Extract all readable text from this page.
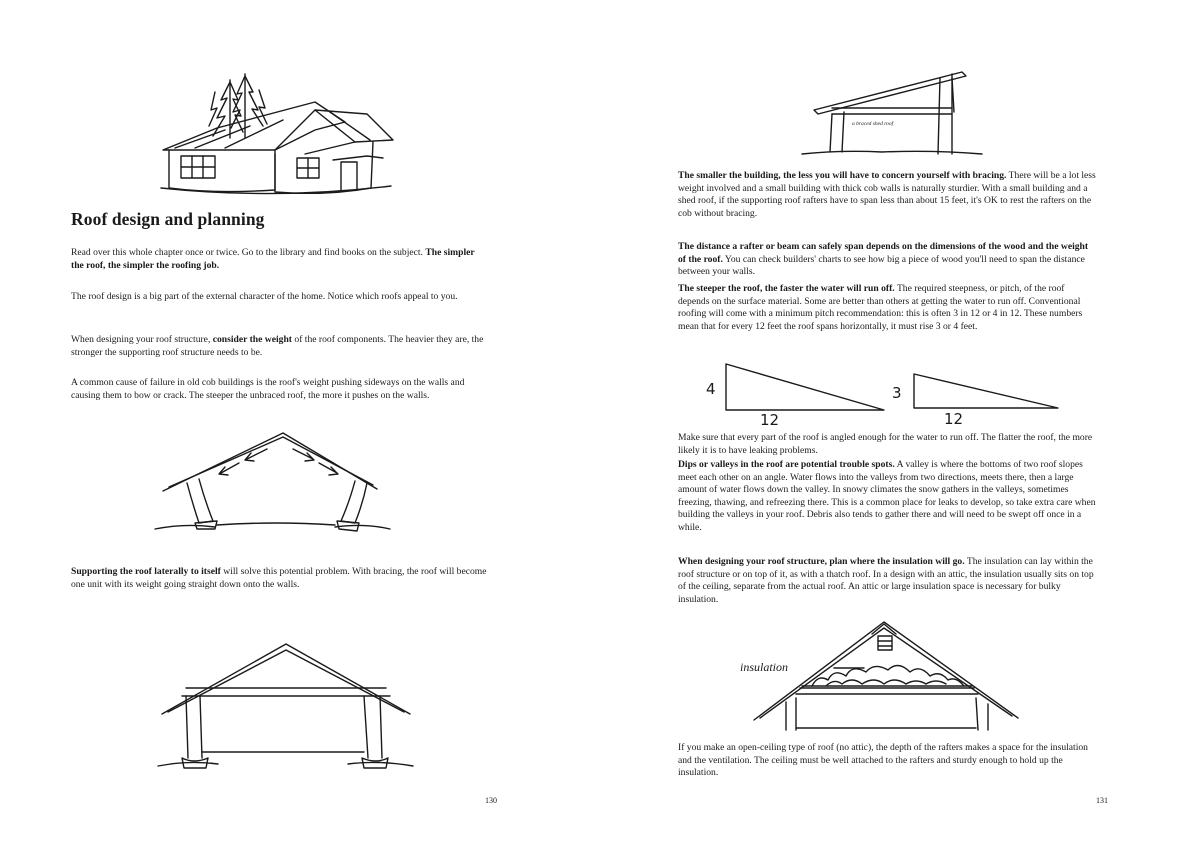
Roof design and planning

Read over this whole chapter once or twice. Go to the library and find books on the subject. The simpler the roof, the simpler the roofing job.

The roof design is a big part of the external character of the home. Notice which roofs appeal to you.

When designing your roof structure, consider the weight of the roof components. The heavier they are, the stronger the supporting roof structure needs to be.

A common cause of failure in old cob buildings is the roof's weight pushing sideways on the walls and causing them to bow or crack. The steeper the unbraced roof, the more it pushes on the walls.

Supporting the roof laterally to itself will solve this potential problem. With bracing, the roof will become one unit with its weight going straight down onto the walls.

130
a braced shed roof

The smaller the building, the less you will have to concern yourself with bracing. There will be a lot less weight involved and a small building with thick cob walls is naturally sturdier. With a small building and a shed roof, if the supporting roof rafters have to span less than about 15 feet, it's OK to rest the rafters on the cob without bracing.

The distance a rafter or beam can safely span depends on the dimensions of the wood and the weight of the roof. You can check builders' charts to see how big a piece of wood you'll need to span the distance between your walls.

The steeper the roof, the faster the water will run off. The required steepness, or pitch, of the roof depends on the surface material. Some are better than others at getting the water to run off. Conventional roofing will come with a minimum pitch recommendation: this is often 3 in 12 or 4 in 12. These numbers mean that for every 12 feet the roof spans horizontally, it must rise 3 or 4 feet.

4
12
3
12

Make sure that every part of the roof is angled enough for the water to run off. The flatter the roof, the more likely it is to have leaking problems.

Dips or valleys in the roof are potential trouble spots. A valley is where the bottoms of two roof slopes meet each other on an angle. Water flows into the valleys from two directions, meets there, then a large amount of water flows down the valley. In snowy climates the snow gathers in the valleys, sometimes freezing, thawing, and refreezing there. This is a common place for leaks to develop, so take extra care when building the valleys in your roof. Debris also tends to gather there and will need to be swept off once in a while.

When designing your roof structure, plan where the insulation will go. The insulation can lay within the roof structure or on top of it, as with a thatch roof. In a design with an attic, the insulation usually sits on top of the ceiling, separate from the actual roof. An attic or large insulation space is necessary for bulky insulation.

insulation

If you make an open-ceiling type of roof (no attic), the depth of the rafters makes a space for the insulation and the ventilation. The ceiling must be well attached to the rafters and sturdy enough to hold up the insulation.

131
